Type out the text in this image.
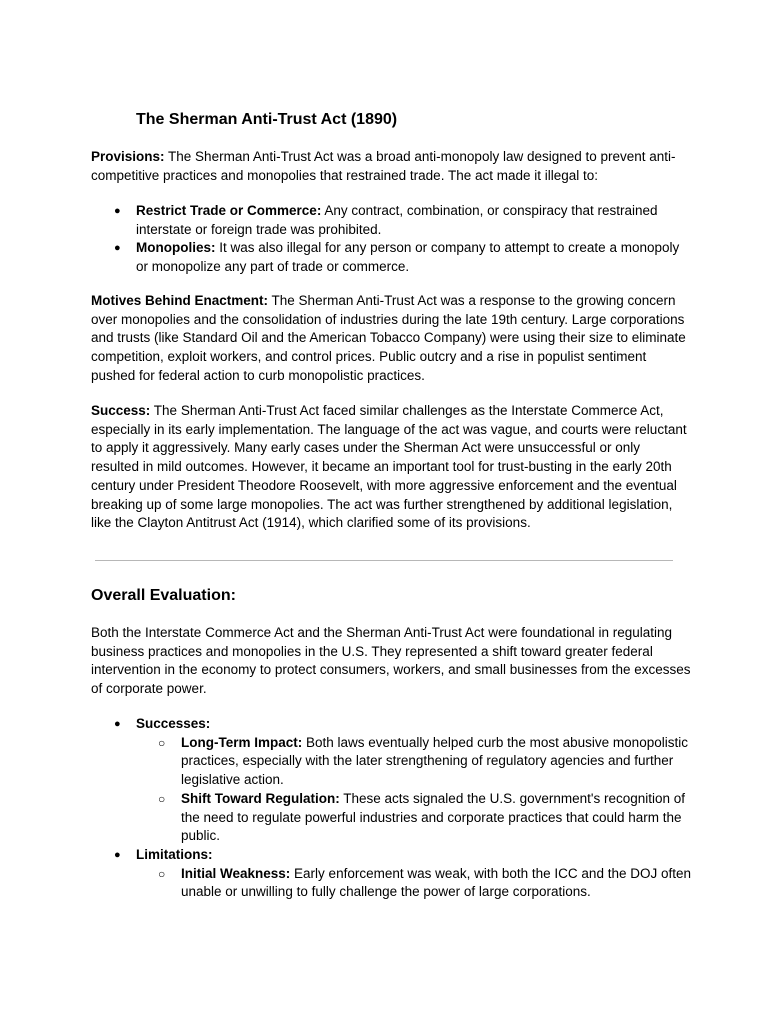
The Sherman Anti-Trust Act (1890)

Provisions: The Sherman Anti-Trust Act was a broad anti-monopoly law designed to prevent anti-competitive practices and monopolies that restrained trade. The act made it illegal to:

● Restrict Trade or Commerce: Any contract, combination, or conspiracy that restrained interstate or foreign trade was prohibited.
● Monopolies: It was also illegal for any person or company to attempt to create a monopoly or monopolize any part of trade or commerce.

Motives Behind Enactment: The Sherman Anti-Trust Act was a response to the growing concern over monopolies and the consolidation of industries during the late 19th century. Large corporations and trusts (like Standard Oil and the American Tobacco Company) were using their size to eliminate competition, exploit workers, and control prices. Public outcry and a rise in populist sentiment pushed for federal action to curb monopolistic practices.

Success: The Sherman Anti-Trust Act faced similar challenges as the Interstate Commerce Act, especially in its early implementation. The language of the act was vague, and courts were reluctant to apply it aggressively. Many early cases under the Sherman Act were unsuccessful or only resulted in mild outcomes. However, it became an important tool for trust-busting in the early 20th century under President Theodore Roosevelt, with more aggressive enforcement and the eventual breaking up of some large monopolies. The act was further strengthened by additional legislation, like the Clayton Antitrust Act (1914), which clarified some of its provisions.

Overall Evaluation:

Both the Interstate Commerce Act and the Sherman Anti-Trust Act were foundational in regulating business practices and monopolies in the U.S. They represented a shift toward greater federal intervention in the economy to protect consumers, workers, and small businesses from the excesses of corporate power.

● Successes:
○ Long-Term Impact: Both laws eventually helped curb the most abusive monopolistic practices, especially with the later strengthening of regulatory agencies and further legislative action.
○ Shift Toward Regulation: These acts signaled the U.S. government's recognition of the need to regulate powerful industries and corporate practices that could harm the public.
● Limitations:
○ Initial Weakness: Early enforcement was weak, with both the ICC and the DOJ often unable or unwilling to fully challenge the power of large corporations.
